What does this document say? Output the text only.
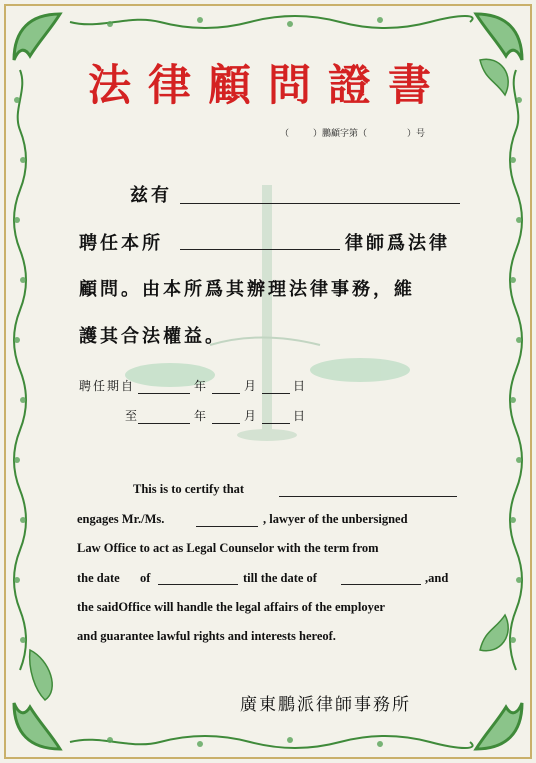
法律顧問證書
（	）鵬顧字第（	）号
兹有
聘任本所	律師爲法律
顧問。由本所爲其辦理法律事務，維
護其合法權益。
聘任期自	年	月	日
至	年	月	日
This is to certify that
engages Mr./Ms.	, lawyer of the unbersigned
Law Office to act as Legal Counselor with the term from
the date of	till the date of	,and
the saidOffice will handle the legal affairs of the employer
and guarantee lawful rights and interests hereof.
廣東鵬派律師事務所
